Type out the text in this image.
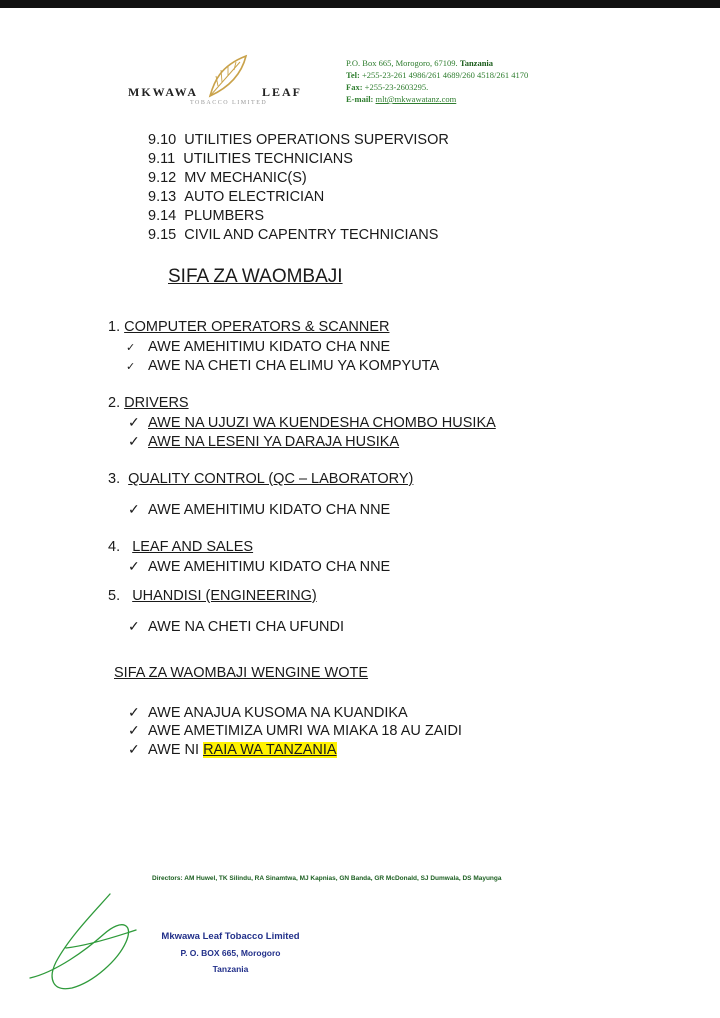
MKWAWA	LEAF
TOBACCO LIMITED
P.O. Box 665, Morogoro, 67109. Tanzania
Tel: +255-23-261 4986/261 4689/260 4518/261 4170
Fax: +255-23-2603295.
E-mail: mlt@mkwawatanz.com
9.10 UTILITIES OPERATIONS SUPERVISOR
9.11 UTILITIES TECHNICIANS
9.12 MV MECHANIC(S)
9.13 AUTO ELECTRICIAN
9.14 PLUMBERS
9.15 CIVIL AND CAPENTRY TECHNICIANS
SIFA ZA WAOMBAJI
1. COMPUTER OPERATORS & SCANNER
✓ AWE AMEHITIMU KIDATO CHA NNE
✓ AWE NA CHETI CHA ELIMU YA KOMPYUTA
2. DRIVERS
✓ AWE NA UJUZI WA KUENDESHA CHOMBO HUSIKA
✓ AWE NA LESENI YA DARAJA HUSIKA
3. QUALITY CONTROL (QC – LABORATORY)
✓ AWE AMEHITIMU KIDATO CHA NNE
4. LEAF AND SALES
✓ AWE AMEHITIMU KIDATO CHA NNE
5. UHANDISI (ENGINEERING)
✓ AWE NA CHETI CHA UFUNDI
SIFA ZA WAOMBAJI WENGINE WOTE
✓ AWE ANAJUA KUSOMA NA KUANDIKA
✓ AWE AMETIMIZA UMRI WA MIAKA 18 AU ZAIDI
✓ AWE NI RAIA WA TANZANIA
Directors: AM Huwel, TK Silindu, RA Sinamtwa, MJ Kapnias, GN Banda, GR McDonald, SJ Dumwala, DS Mayunga
Mkwawa Leaf Tobacco Limited
P. O. BOX 665, Morogoro
Tanzania
